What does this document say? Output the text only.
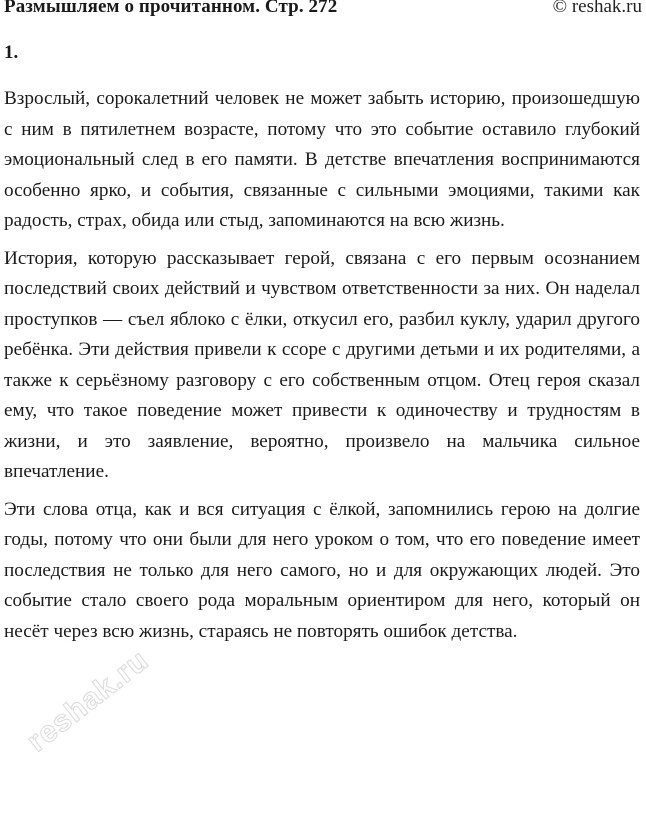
Размышляем о прочитанном. Стр. 272	© reshak.ru
1.

Взрослый, сорокалетний человек не может забыть историю, произошедшую с ним в пятилетнем возрасте, потому что это событие оставило глубокий эмоциональный след в его памяти. В детстве впечатления воспринимаются особенно ярко, и события, связанные с сильными эмоциями, такими как радость, страх, обида или стыд, запоминаются на всю жизнь.

История, которую рассказывает герой, связана с его первым осознанием последствий своих действий и чувством ответственности за них. Он наделал проступков — съел яблоко с ёлки, откусил его, разбил куклу, ударил другого ребёнка. Эти действия привели к ссоре с другими детьми и их родителями, а также к серьёзному разговору с его собственным отцом. Отец героя сказал ему, что такое поведение может привести к одиночеству и трудностям в жизни, и это заявление, вероятно, произвело на мальчика сильное впечатление.

Эти слова отца, как и вся ситуация с ёлкой, запомнились герою на долгие годы, потому что они были для него уроком о том, что его поведение имеет последствия не только для него самого, но и для окружающих людей. Это событие стало своего рода моральным ориентиром для него, который он несёт через всю жизнь, стараясь не повторять ошибок детства.

reshak.ru
